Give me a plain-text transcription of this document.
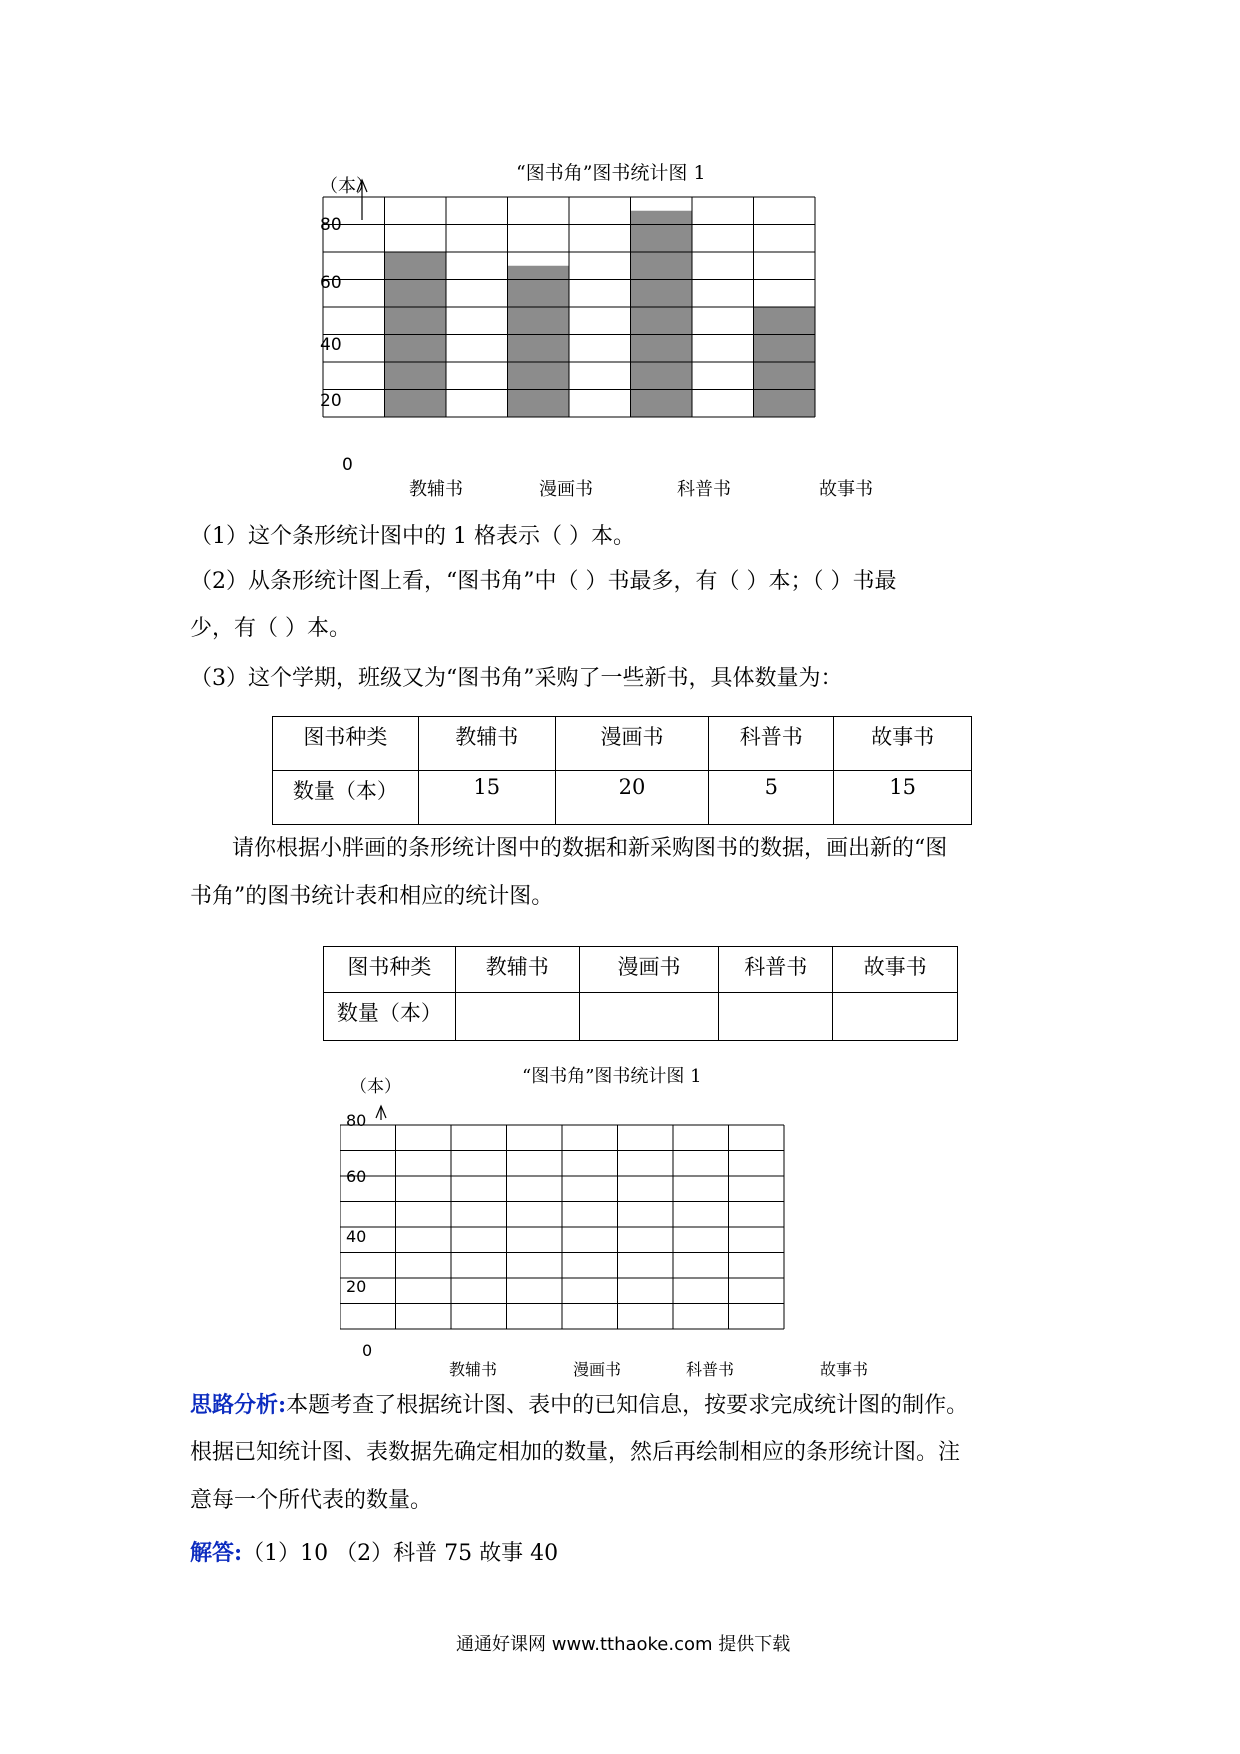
“图书角”图书统计图 1
（本）
80
60
40
20
0
教辅书	漫画书	科普书	故事书
（1）这个条形统计图中的 1 格表示（ ）本。
（2）从条形统计图上看，“图书角”中（ ）书最多，有（ ）本；（ ）书最
少，有（ ）本。
（3）这个学期，班级又为“图书角”采购了一些新书，具体数量为：
图书种类	教辅书	漫画书	科普书	故事书
数量（本）	15	20	5	15
请你根据小胖画的条形统计图中的数据和新采购图书的数据，画出新的“图
书角”的图书统计表和相应的统计图。
图书种类	教辅书	漫画书	科普书	故事书
数量（本）				
“图书角”图书统计图 1
（本）
80
60
40
20
0
教辅书	漫画书	科普书	故事书
思路分析:本题考查了根据统计图、表中的已知信息，按要求完成统计图的制作。
根据已知统计图、表数据先确定相加的数量，然后再绘制相应的条形统计图。注
意每一个所代表的数量。
解答:（1）10 （2）科普 75 故事 40
通通好课网 www.tthaoke.com 提供下载
